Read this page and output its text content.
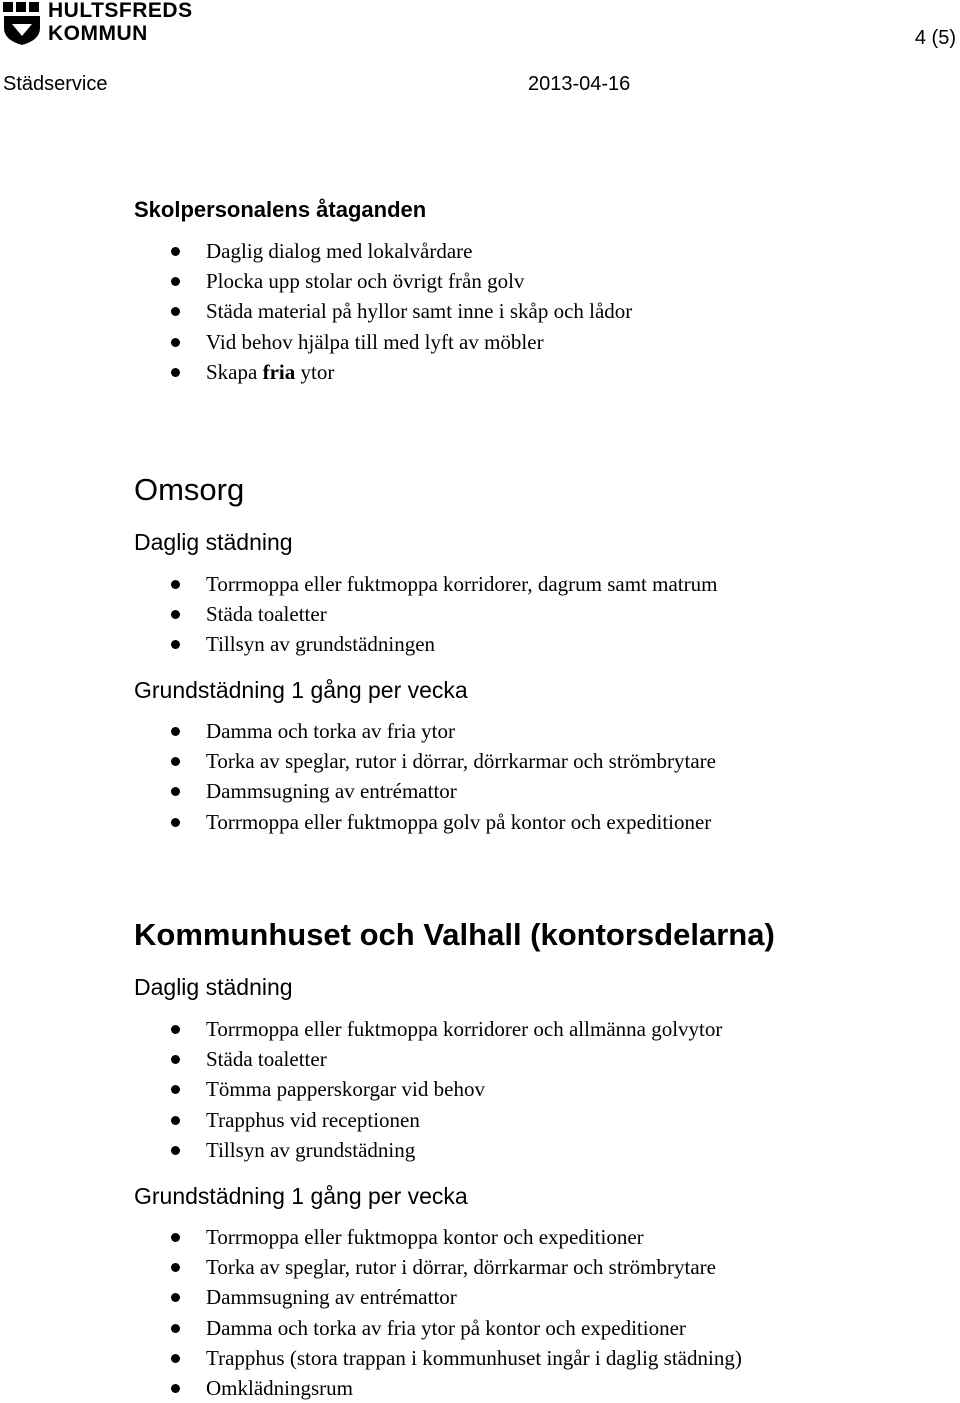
HULTSFREDS
KOMMUN	4 (5)
Städservice	2013-04-16
Skolpersonalens åtaganden
Daglig dialog med lokalvårdare
Plocka upp stolar och övrigt från golv
Städa material på hyllor samt inne i skåp och lådor
Vid behov hjälpa till med lyft av möbler
Skapa fria ytor
Omsorg
Daglig städning
Torrmoppa eller fuktmoppa korridorer, dagrum samt matrum
Städa toaletter
Tillsyn av grundstädningen
Grundstädning 1 gång per vecka
Damma och torka av fria ytor
Torka av speglar, rutor i dörrar, dörrkarmar och strömbrytare
Dammsugning av entrémattor
Torrmoppa eller fuktmoppa golv på kontor och expeditioner
Kommunhuset och Valhall (kontorsdelarna)
Daglig städning
Torrmoppa eller fuktmoppa korridorer och allmänna golvytor
Städa toaletter
Tömma papperskorgar vid behov
Trapphus vid receptionen
Tillsyn av grundstädning
Grundstädning 1 gång per vecka
Torrmoppa eller fuktmoppa kontor och expeditioner
Torka av speglar, rutor i dörrar, dörrkarmar och strömbrytare
Dammsugning av entrémattor
Damma och torka av fria ytor på kontor och expeditioner
Trapphus (stora trappan i kommunhuset ingår i daglig städning)
Omklädningsrum
